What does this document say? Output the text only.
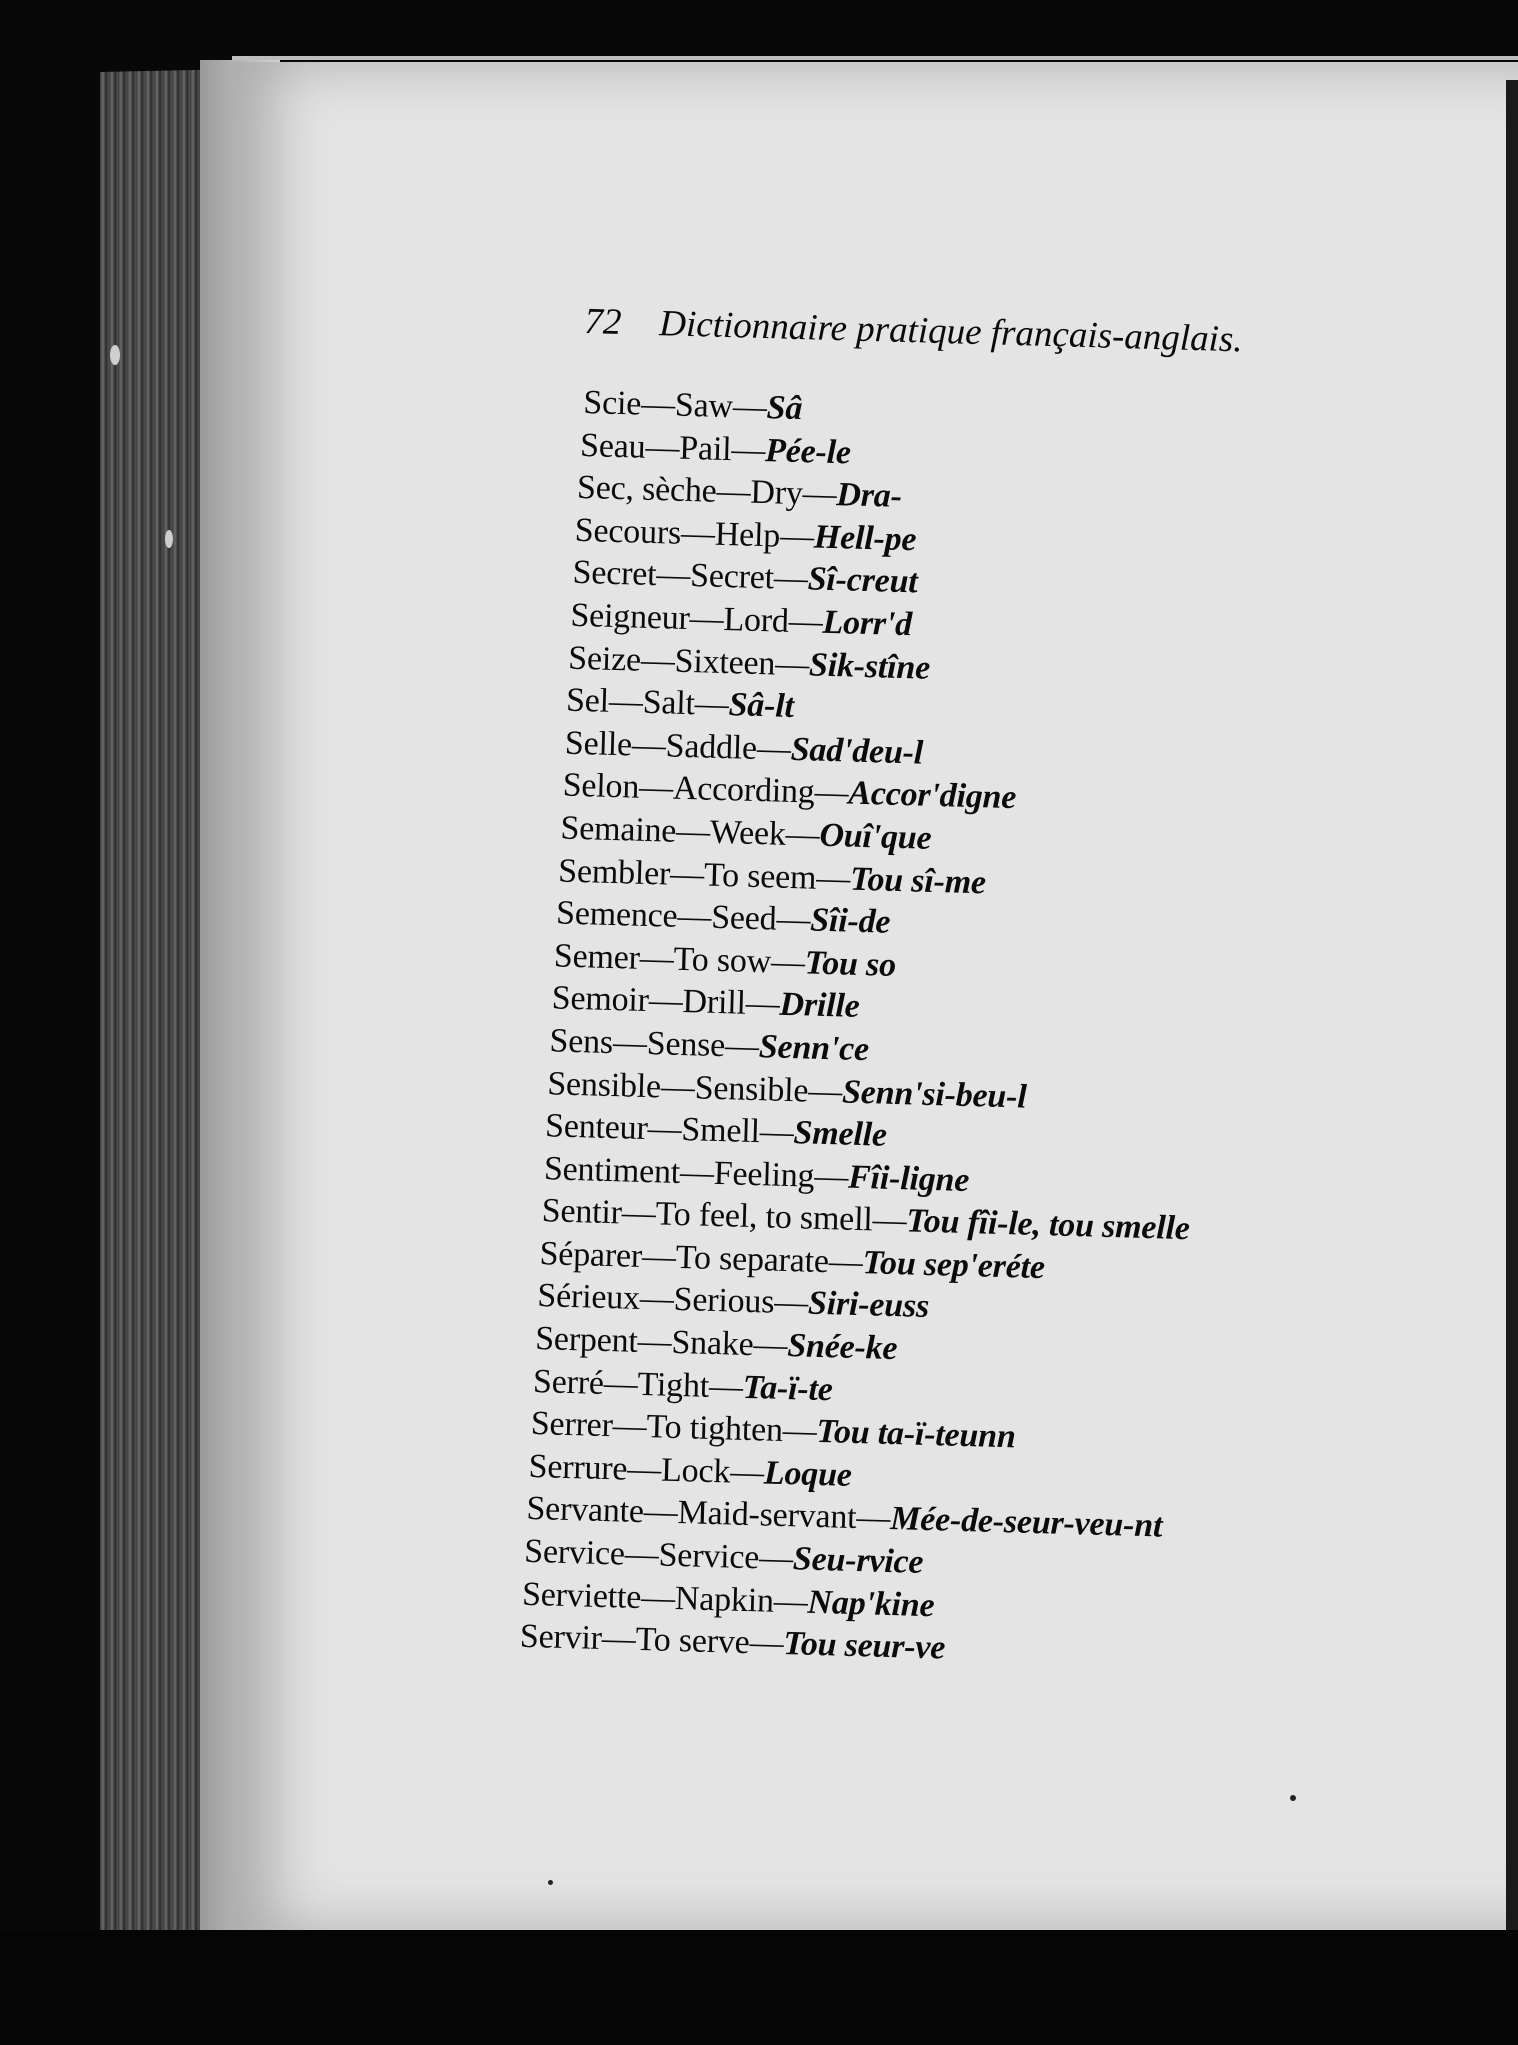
72 Dictionnaire pratique français-anglais.
Scie—Saw—Sâ
Seau—Pail—Pée-le
Sec, sèche—Dry—Dra-
Secours—Help—Hell-pe
Secret—Secret—Sî-creut
Seigneur—Lord—Lorr'd
Seize—Sixteen—Sik-stîne
Sel—Salt—Sâ-lt
Selle—Saddle—Sad'deu-l
Selon—According—Accor'digne
Semaine—Week—Ouî'que
Sembler—To seem—Tou sî-me
Semence—Seed—Sîi-de
Semer—To sow—Tou so
Semoir—Drill—Drille
Sens—Sense—Senn'ce
Sensible—Sensible—Senn'si-beu-l
Senteur—Smell—Smelle
Sentiment—Feeling—Fîi-ligne
Sentir—To feel, to smell—Tou fîi-le, tou smelle
Séparer—To separate—Tou sep'eréte
Sérieux—Serious—Siri-euss
Serpent—Snake—Snée-ke
Serré—Tight—Ta-ï-te
Serrer—To tighten—Tou ta-ï-teunn
Serrure—Lock—Loque
Servante—Maid-servant—Mée-de-seur-veu-nt
Service—Service—Seu-rvice
Serviette—Napkin—Nap'kine
Servir—To serve—Tou seur-ve
